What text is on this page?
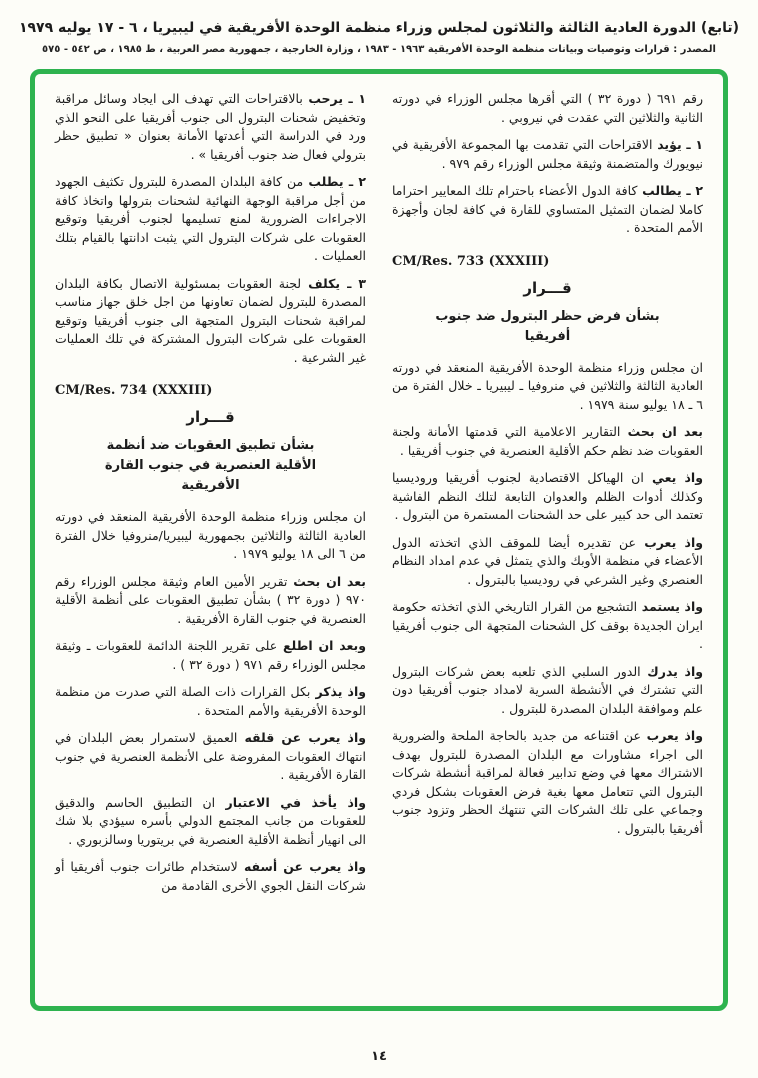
(تابع) الدورة العادية الثالثة والثلاثون لمجلس وزراء منظمة الوحدة الأفريقية في ليبيريا ، ٦ - ١٧ يوليه ١٩٧٩
المصدر : قرارات وتوصيات وبيانات منظمة الوحدة الأفريقية ١٩٦٣ - ١٩٨٣ ، وزارة الخارجية ، جمهورية مصر العربية ، ط ١٩٨٥ ، ص ٥٤٢ - ٥٧٥

رقم ٦٩١ ( دورة ٣٢ ) التي أقرها مجلس الوزراء في دورته الثانية والثلاثين التي عقدت في نيروبي .

١ ـ يؤيد الاقتراحات التي تقدمت بها المجموعة الأفريقية في نيويورك والمتضمنة وثيقة مجلس الوزراء رقم ٩٧٩ .

٢ ـ يطالب كافة الدول الأعضاء باحترام تلك المعايير احتراما كاملا لضمان التمثيل المتساوي للقارة في كافة لجان وأجهزة الأمم المتحدة .

CM/Res. 733 (XXXIII)
قـــرار
بشأن فرض حظر البترول ضد جنوب أفريقيا

ان مجلس وزراء منظمة الوحدة الأفريقية المنعقد في دورته العادية الثالثة والثلاثين في منروفيا ـ ليبيريا ـ خلال الفترة من ٦ ـ ١٨ يوليو سنة ١٩٧٩ .

بعد ان بحث التقارير الاعلامية التي قدمتها الأمانة ولجنة العقوبات ضد نظم حكم الأقلية العنصرية في جنوب أفريقيا .

واذ يعي ان الهياكل الاقتصادية لجنوب أفريقيا وروديسيا وكذلك أدوات الظلم والعدوان التابعة لتلك النظم الفاشية تعتمد الى حد كبير على حد الشحنات المستمرة من البترول .

واذ يعرب عن تقديره أيضا للموقف الذي اتخذته الدول الأعضاء في منظمة الأوبك والذي يتمثل في عدم امداد النظام العنصري وغير الشرعي في روديسيا بالبترول .

واذ يستمد التشجيع من القرار التاريخي الذي اتخذته حكومة ايران الجديدة بوقف كل الشحنات المتجهة الى جنوب أفريقيا .

واذ يدرك الدور السلبي الذي تلعبه بعض شركات البترول التي تشترك في الأنشطة السرية لامداد جنوب أفريقيا دون علم وموافقة البلدان المصدرة للبترول .

واذ يعرب عن اقتناعه من جديد بالحاجة الملحة والضرورية الى اجراء مشاورات مع البلدان المصدرة للبترول بهدف الاشتراك معها في وضع تدابير فعالة لمراقبة أنشطة شركات البترول التي تتعامل معها بغية فرض العقوبات بشكل فردي وجماعي على تلك الشركات التي تنتهك الحظر وتزود جنوب أفريقيا بالبترول .

١ ـ يرحب بالاقتراحات التي تهدف الى ايجاد وسائل مراقبة وتخفيض شحنات البترول الى جنوب أفريقيا على النحو الذي ورد في الدراسة التي أعدتها الأمانة بعنوان « تطبيق حظر بترولي فعال ضد جنوب أفريقيا » .

٢ ـ يطلب من كافة البلدان المصدرة للبترول تكثيف الجهود من أجل مراقبة الوجهة النهائية لشحنات بترولها واتخاذ كافة الاجراءات الضرورية لمنع تسليمها لجنوب أفريقيا وتوقيع العقوبات على شركات البترول التي يثبت ادانتها بالقيام بتلك العمليات .

٣ ـ يكلف لجنة العقوبات بمسئولية الاتصال بكافة البلدان المصدرة للبترول لضمان تعاونها من اجل خلق جهاز مناسب لمراقبة شحنات البترول المتجهة الى جنوب أفريقيا وتوقيع العقوبات على شركات البترول المشتركة في تلك العمليات غير الشرعية .

CM/Res. 734 (XXXIII)
قـــرار
بشأن تطبيق العقوبات ضد أنظمة الأقلية العنصرية في جنوب القارة الأفريقية

ان مجلس وزراء منظمة الوحدة الأفريقية المنعقد في دورته العادية الثالثة والثلاثين بجمهورية ليبيريا/منروفيا خلال الفترة من ٦ الى ١٨ يوليو ١٩٧٩ .

بعد ان بحث تقرير الأمين العام وثيقة مجلس الوزراء رقم ٩٧٠ ( دورة ٣٢ ) بشأن تطبيق العقوبات على أنظمة الأقلية العنصرية في جنوب القارة الأفريقية .

وبعد ان اطلع على تقرير اللجنة الدائمة للعقوبات ـ وثيقة مجلس الوزراء رقم ٩٧١ ( دورة ٣٢ ) .

واذ يذكر بكل القرارات ذات الصلة التي صدرت من منظمة الوحدة الأفريقية والأمم المتحدة .

واذ يعرب عن قلقه العميق لاستمرار بعض البلدان في انتهاك العقوبات المفروضة على الأنظمة العنصرية في جنوب القارة الأفريقية .

واذ يأخذ في الاعتبار ان التطبيق الحاسم والدقيق للعقوبات من جانب المجتمع الدولي بأسره سيؤدي بلا شك الى انهيار أنظمة الأقلية العنصرية في بريتوريا وسالزبوري .

واذ يعرب عن أسفه لاستخدام طائرات جنوب أفريقيا أو شركات النقل الجوي الأخرى القادمة من

١٤
